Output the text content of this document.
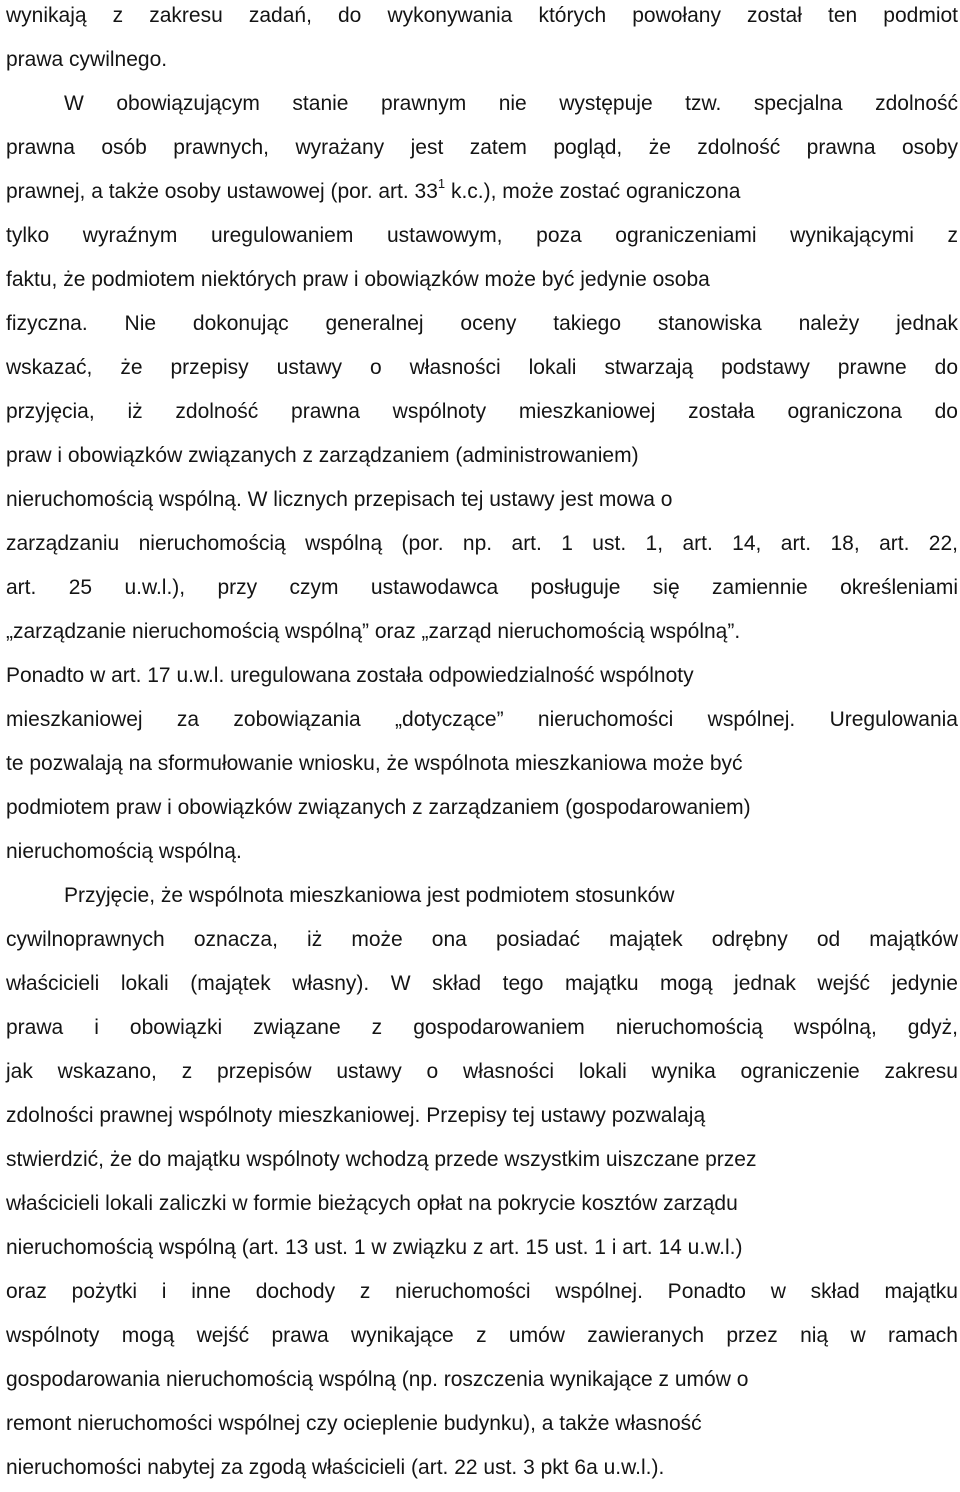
wynikają z zakresu zadań, do wykonywania których powołany został ten podmiot
prawa cywilnego.
W obowiązującym stanie prawnym nie występuje tzw. specjalna zdolność
prawna osób prawnych, wyrażany jest zatem pogląd, że zdolność prawna osoby
prawnej, a także osoby ustawowej (por. art. $33^1$ k.c.), może zostać ograniczona
tylko wyraźnym uregulowaniem ustawowym, poza ograniczeniami wynikającymi z
faktu, że podmiotem niektórych praw i obowiązków może być jedynie osoba
fizyczna. Nie dokonując generalnej oceny takiego stanowiska należy jednak
wskazać, że przepisy ustawy o własności lokali stwarzają podstawy prawne do
przyjęcia, iż zdolność prawna wspólnoty mieszkaniowej została ograniczona do
praw i obowiązków związanych z zarządzaniem (administrowaniem)
nieruchomością wspólną. W licznych przepisach tej ustawy jest mowa o
zarządzaniu nieruchomością wspólną (por. np. art. 1 ust. 1, art. 14, art. 18, art. 22,
art. 25 u.w.l.), przy czym ustawodawca posługuje się zamiennie określeniami
„zarządzanie nieruchomością wspólną” oraz „zarząd nieruchomością wspólną”.
Ponadto w art. 17 u.w.l. uregulowana została odpowiedzialność wspólnoty
mieszkaniowej za zobowiązania „dotyczące” nieruchomości wspólnej. Uregulowania
te pozwalają na sformułowanie wniosku, że wspólnota mieszkaniowa może być
podmiotem praw i obowiązków związanych z zarządzaniem (gospodarowaniem)
nieruchomością wspólną.
Przyjęcie, że wspólnota mieszkaniowa jest podmiotem stosunków
cywilnoprawnych oznacza, iż może ona posiadać majątek odrębny od majątków
właścicieli lokali (majątek własny). W skład tego majątku mogą jednak wejść jedynie
prawa i obowiązki związane z gospodarowaniem nieruchomością wspólną, gdyż,
jak wskazano, z przepisów ustawy o własności lokali wynika ograniczenie zakresu
zdolności prawnej wspólnoty mieszkaniowej. Przepisy tej ustawy pozwalają
stwierdzić, że do majątku wspólnoty wchodzą przede wszystkim uiszczane przez
właścicieli lokali zaliczki w formie bieżących opłat na pokrycie kosztów zarządu
nieruchomością wspólną (art. 13 ust. 1 w związku z art. 15 ust. 1 i art. 14 u.w.l.)
oraz pożytki i inne dochody z nieruchomości wspólnej. Ponadto w skład majątku
wspólnoty mogą wejść prawa wynikające z umów zawieranych przez nią w ramach
gospodarowania nieruchomością wspólną (np. roszczenia wynikające z umów o
remont nieruchomości wspólnej czy ocieplenie budynku), a także własność
nieruchomości nabytej za zgodą właścicieli (art. 22 ust. 3 pkt 6a u.w.l.).
